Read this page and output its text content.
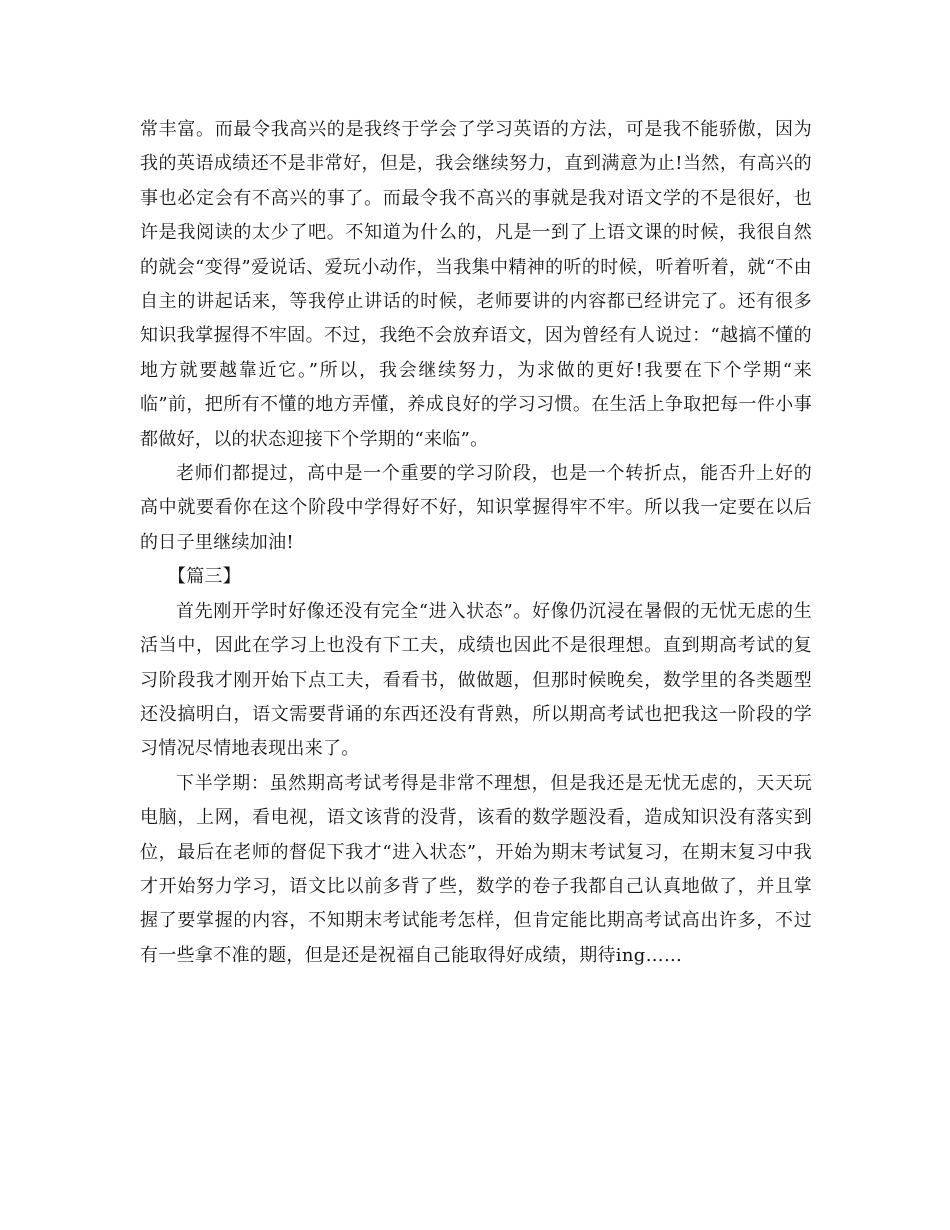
常丰富。而最令我高兴的是我终于学会了学习英语的方法，可是我不能骄傲，因为我的英语成绩还不是非常好，但是，我会继续努力，直到满意为止!当然，有高兴的事也必定会有不高兴的事了。而最令我不高兴的事就是我对语文学的不是很好，也许是我阅读的太少了吧。不知道为什么的，凡是一到了上语文课的时候，我很自然的就会“变得”爱说话、爱玩小动作，当我集中精神的听的时候，听着听着，就“不由自主的讲起话来，等我停止讲话的时候，老师要讲的内容都已经讲完了。还有很多知识我掌握得不牢固。不过，我绝不会放弃语文，因为曾经有人说过：“越搞不懂的地方就要越靠近它。”所以，我会继续努力，为求做的更好!我要在下个学期“来临”前，把所有不懂的地方弄懂，养成良好的学习习惯。在生活上争取把每一件小事都做好，以的状态迎接下个学期的“来临”。

老师们都提过，高中是一个重要的学习阶段，也是一个转折点，能否升上好的高中就要看你在这个阶段中学得好不好，知识掌握得牢不牢。所以我一定要在以后的日子里继续加油!

【篇三】

首先刚开学时好像还没有完全“进入状态”。好像仍沉浸在暑假的无忧无虑的生活当中，因此在学习上也没有下工夫，成绩也因此不是很理想。直到期高考试的复习阶段我才刚开始下点工夫，看看书，做做题，但那时候晚矣，数学里的各类题型还没搞明白，语文需要背诵的东西还没有背熟，所以期高考试也把我这一阶段的学习情况尽情地表现出来了。

下半学期：虽然期高考试考得是非常不理想，但是我还是无忧无虑的，天天玩电脑，上网，看电视，语文该背的没背，该看的数学题没看，造成知识没有落实到位，最后在老师的督促下我才“进入状态”，开始为期末考试复习，在期末复习中我才开始努力学习，语文比以前多背了些，数学的卷子我都自己认真地做了，并且掌握了要掌握的内容，不知期末考试能考怎样，但肯定能比期高考试高出许多，不过有一些拿不准的题，但是还是祝福自己能取得好成绩，期待ing……
